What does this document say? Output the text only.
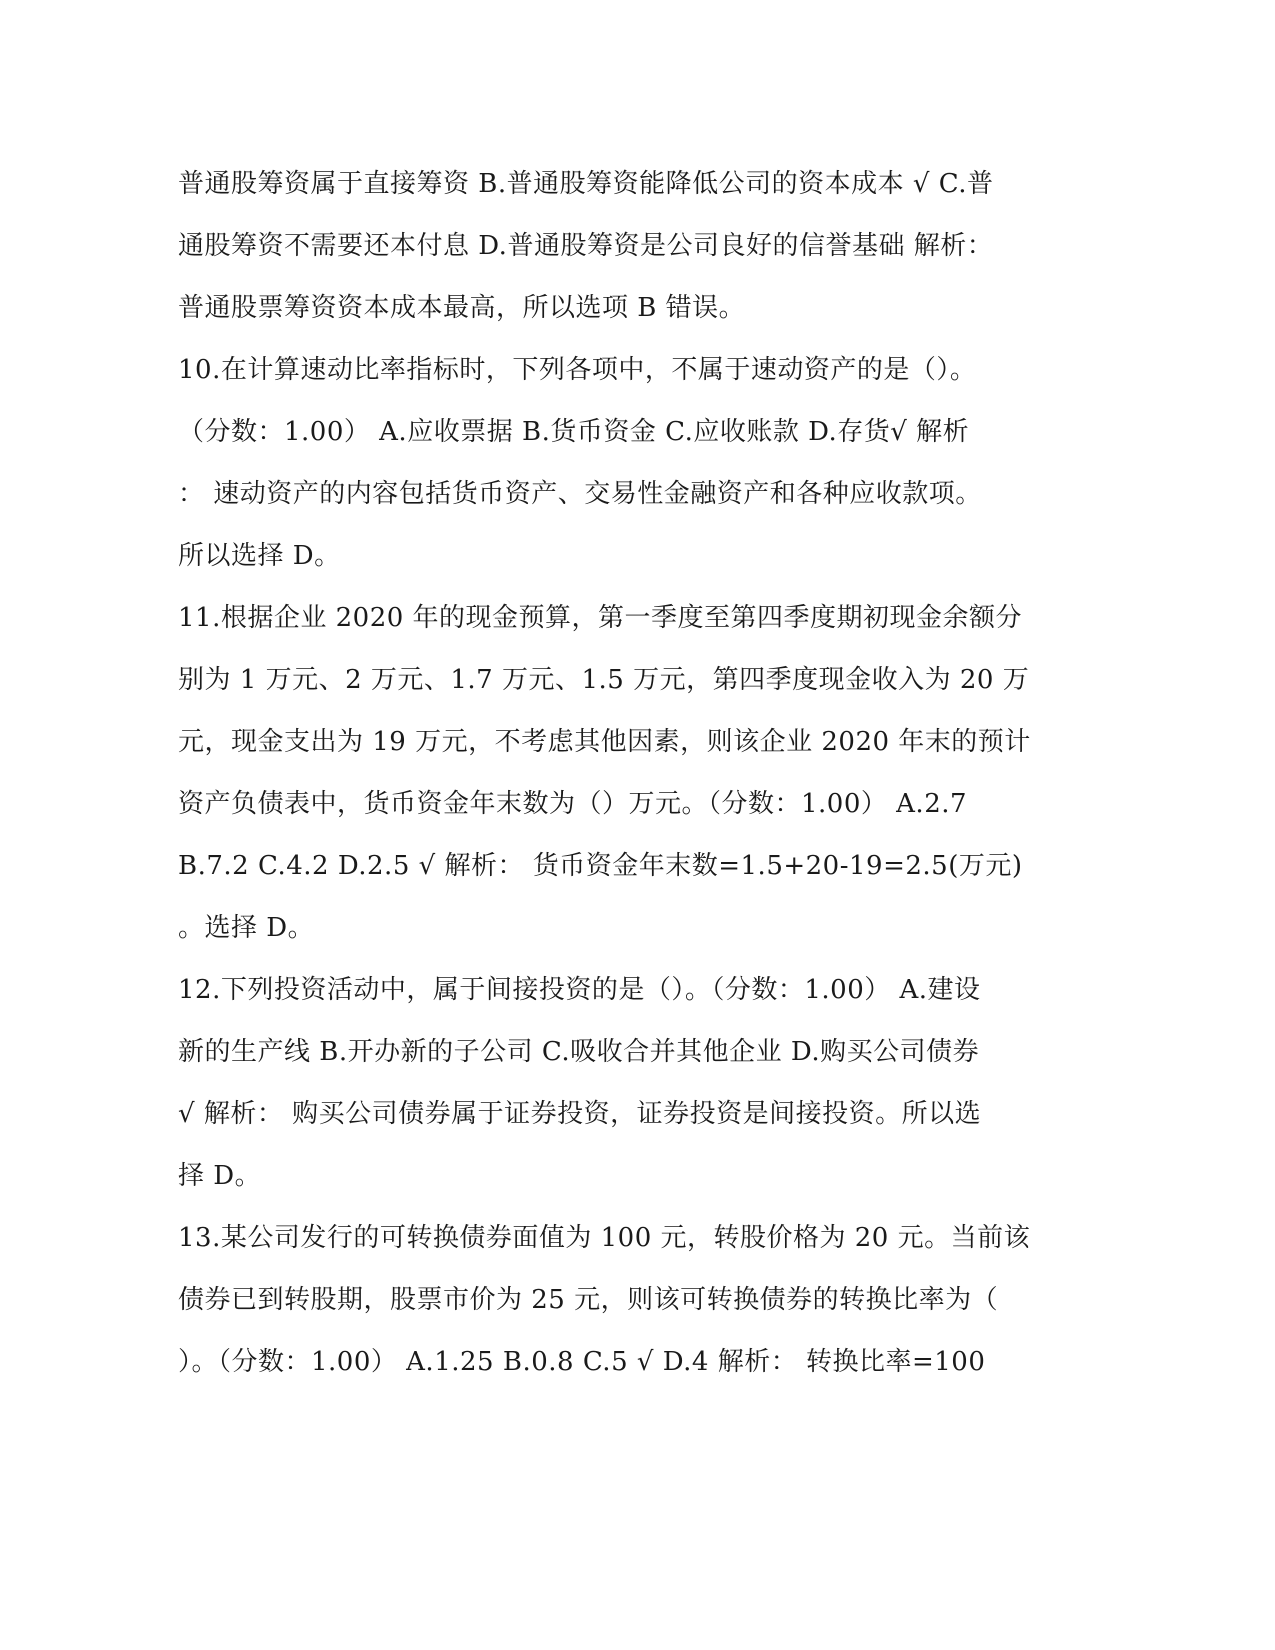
普通股筹资属于直接筹资 B.普通股筹资能降低公司的资本成本 √ C.普
通股筹资不需要还本付息 D.普通股筹资是公司良好的信誉基础 解析：
普通股票筹资资本成本最高，所以选项 B 错误。
10.在计算速动比率指标时，下列各项中，不属于速动资产的是（）。
（分数：1.00） A.应收票据 B.货币资金 C.应收账款 D.存货√ 解析
： 速动资产的内容包括货币资产、交易性金融资产和各种应收款项。
所以选择 D。
11.根据企业 2020 年的现金预算，第一季度至第四季度期初现金余额分
别为 1 万元、2 万元、1.7 万元、1.5 万元，第四季度现金收入为 20 万
元，现金支出为 19 万元，不考虑其他因素，则该企业 2020 年末的预计
资产负债表中，货币资金年末数为（）万元。（分数：1.00） A.2.7
B.7.2 C.4.2 D.2.5 √ 解析： 货币资金年末数=1.5+20-19=2.5(万元)
。选择 D。
12.下列投资活动中，属于间接投资的是（）。（分数：1.00） A.建设
新的生产线 B.开办新的子公司 C.吸收合并其他企业 D.购买公司债券
√ 解析： 购买公司债券属于证券投资，证券投资是间接投资。所以选
择 D。
13.某公司发行的可转换债券面值为 100 元，转股价格为 20 元。当前该
债券已到转股期，股票市价为 25 元，则该可转换债券的转换比率为（
）。（分数：1.00） A.1.25 B.0.8 C.5 √ D.4 解析： 转换比率=100
